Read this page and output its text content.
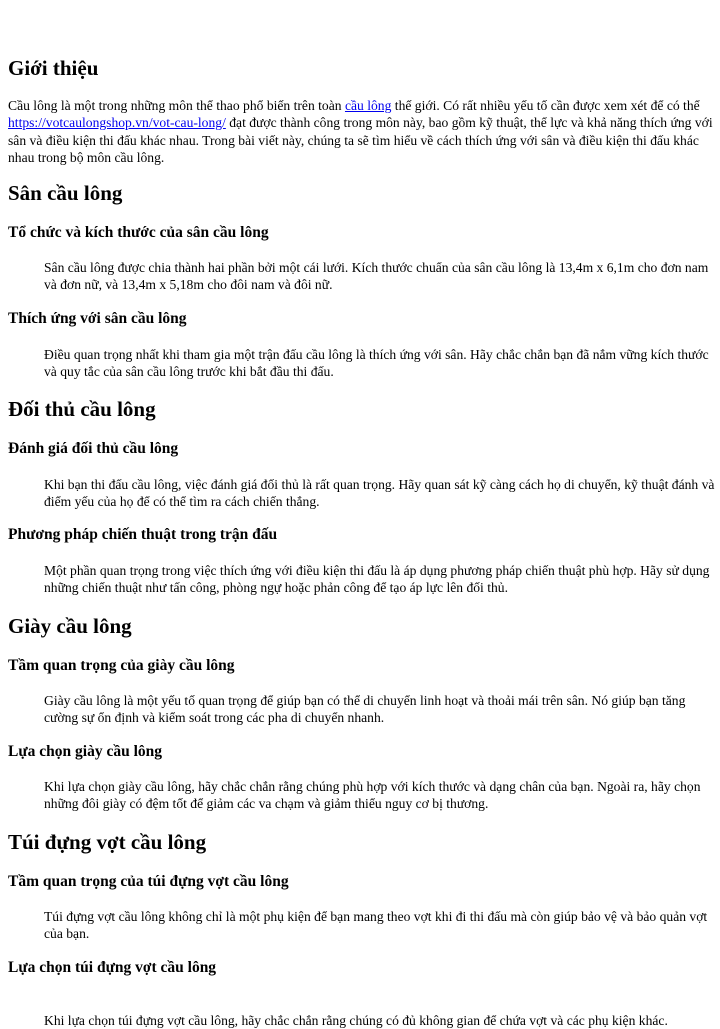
Giới thiệu

Cầu lông là một trong những môn thể thao phổ biến trên toàn cầu lông thế giới. Có rất nhiều yếu tố cần được xem xét để có thể https://votcaulongshop.vn/vot-cau-long/ đạt được thành công trong môn này, bao gồm kỹ thuật, thể lực và khả năng thích ứng với sân và điều kiện thi đấu khác nhau. Trong bài viết này, chúng ta sẽ tìm hiểu về cách thích ứng với sân và điều kiện thi đấu khác nhau trong bộ môn cầu lông.

Sân cầu lông
Tổ chức và kích thước của sân cầu lông

Sân cầu lông được chia thành hai phần bởi một cái lưới. Kích thước chuẩn của sân cầu lông là 13,4m x 6,1m cho đơn nam và đơn nữ, và 13,4m x 5,18m cho đôi nam và đôi nữ.

Thích ứng với sân cầu lông

Điều quan trọng nhất khi tham gia một trận đấu cầu lông là thích ứng với sân. Hãy chắc chắn bạn đã nắm vững kích thước và quy tắc của sân cầu lông trước khi bắt đầu thi đấu.

Đối thủ cầu lông
Đánh giá đối thủ cầu lông

Khi bạn thi đấu cầu lông, việc đánh giá đối thủ là rất quan trọng. Hãy quan sát kỹ càng cách họ di chuyển, kỹ thuật đánh và điểm yếu của họ để có thể tìm ra cách chiến thắng.

Phương pháp chiến thuật trong trận đấu

Một phần quan trọng trong việc thích ứng với điều kiện thi đấu là áp dụng phương pháp chiến thuật phù hợp. Hãy sử dụng những chiến thuật như tấn công, phòng ngự hoặc phản công để tạo áp lực lên đối thủ.

Giày cầu lông
Tầm quan trọng của giày cầu lông

Giày cầu lông là một yếu tố quan trọng để giúp bạn có thể di chuyển linh hoạt và thoải mái trên sân. Nó giúp bạn tăng cường sự ổn định và kiểm soát trong các pha di chuyển nhanh.

Lựa chọn giày cầu lông

Khi lựa chọn giày cầu lông, hãy chắc chắn rằng chúng phù hợp với kích thước và dạng chân của bạn. Ngoài ra, hãy chọn những đôi giày có đệm tốt để giảm các va chạm và giảm thiểu nguy cơ bị thương.

Túi đựng vợt cầu lông
Tầm quan trọng của túi đựng vợt cầu lông

Túi đựng vợt cầu lông không chỉ là một phụ kiện để bạn mang theo vợt khi đi thi đấu mà còn giúp bảo vệ và bảo quản vợt của bạn.

Lựa chọn túi đựng vợt cầu lông

Khi lựa chọn túi đựng vợt cầu lông, hãy chắc chắn rằng chúng có đủ không gian để chứa vợt và các phụ kiện khác.
